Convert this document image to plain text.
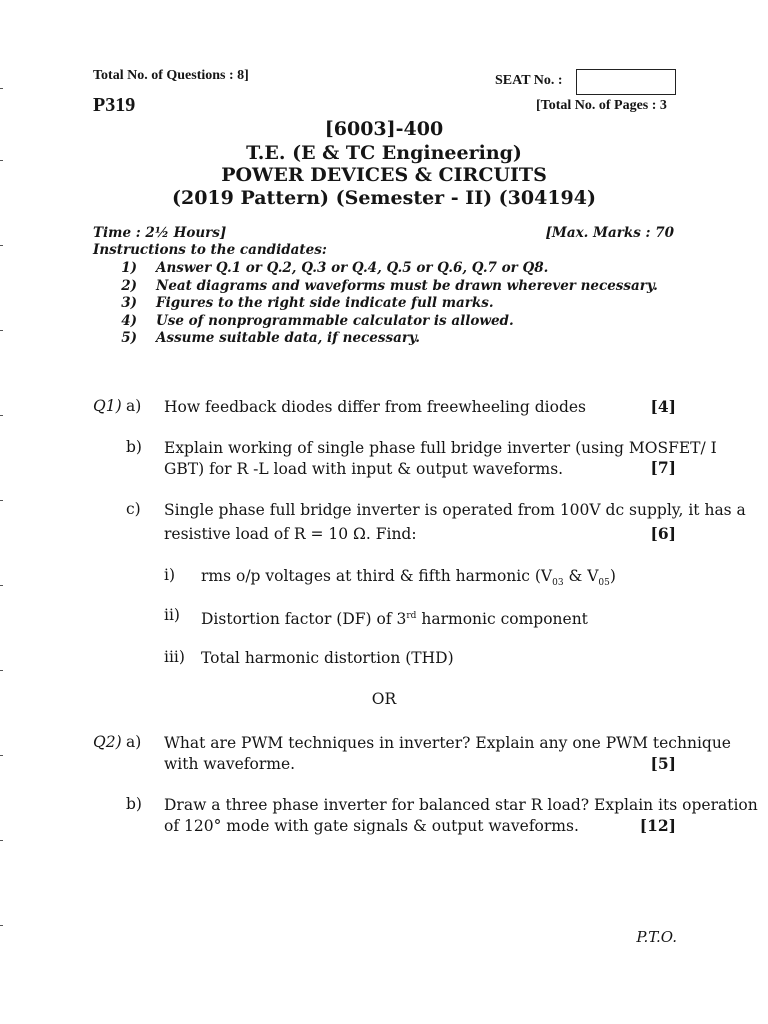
Total No. of Questions : 8]	SEAT No. :
P319	[Total No. of Pages : 3
[6003]-400
T.E. (E & TC Engineering)
POWER DEVICES & CIRCUITS
(2019 Pattern) (Semester - II) (304194)
Time : 2½ Hours]	[Max. Marks : 70
Instructions to the candidates:
1) Answer Q.1 or Q.2, Q.3 or Q.4, Q.5 or Q.6, Q.7 or Q8.
2) Neat diagrams and waveforms must be drawn wherever necessary.
3) Figures to the right side indicate full marks.
4) Use of nonprogrammable calculator is allowed.
5) Assume suitable data, if necessary.
Q1) a) How feedback diodes differ from freewheeling diodes	[4]
b) Explain working of single phase full bridge inverter (using MOSFET/ I
GBT) for R -L load with input & output waveforms.	[7]
c) Single phase full bridge inverter is operated from 100V dc supply, it has a
resistive load of R = 10 Ω. Find:	[6]
i) rms o/p voltages at third & fifth harmonic ($V_{03}$ & $V_{05}$)
ii) Distortion factor (DF) of 3rd harmonic component
iii) Total harmonic distortion (THD)
OR
Q2) a) What are PWM techniques in inverter? Explain any one PWM technique
with waveforme.	[5]
b) Draw a three phase inverter for balanced star R load? Explain its operation
of 120° mode with gate signals & output waveforms.	[12]
P.T.O.
